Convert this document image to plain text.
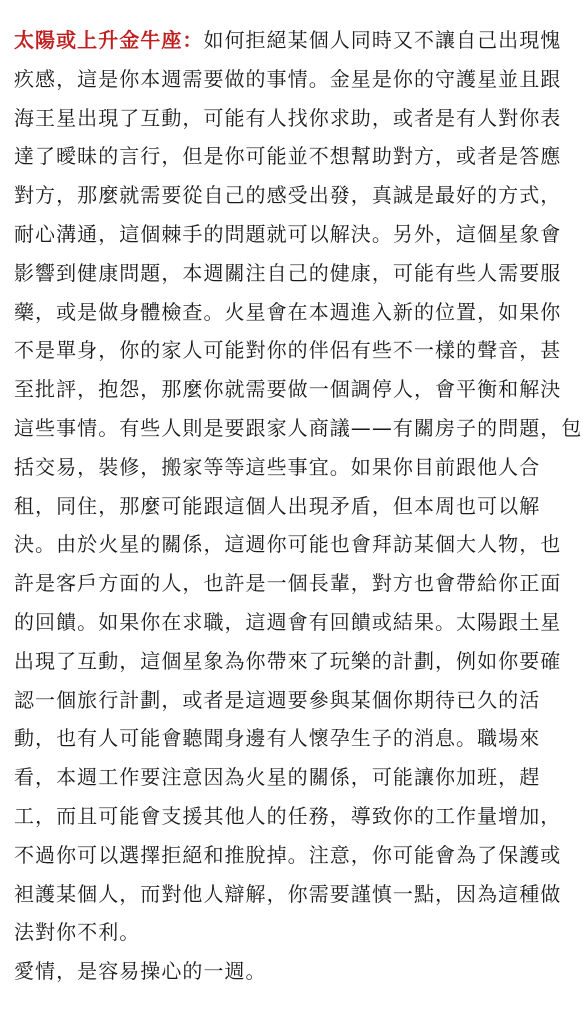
太陽或上升金牛座：如何拒絕某個人同時又不讓自己出現愧
疚感，這是你本週需要做的事情。金星是你的守護星並且跟
海王星出現了互動，可能有人找你求助，或者是有人對你表
達了曖昧的言行，但是你可能並不想幫助對方，或者是答應
對方，那麼就需要從自己的感受出發，真誠是最好的方式，
耐心溝通，這個棘手的問題就可以解決。另外，這個星象會
影響到健康問題，本週關注自己的健康，可能有些人需要服
藥，或是做身體檢查。火星會在本週進入新的位置，如果你
不是單身，你的家人可能對你的伴侶有些不一樣的聲音，甚
至批評，抱怨，那麼你就需要做一個調停人，會平衡和解決
這些事情。有些人則是要跟家人商議——有關房子的問題，包
括交易，裝修，搬家等等這些事宜。如果你目前跟他人合
租，同住，那麼可能跟這個人出現矛盾，但本周也可以解
決。由於火星的關係，這週你可能也會拜訪某個大人物，也
許是客戶方面的人，也許是一個長輩，對方也會帶給你正面
的回饋。如果你在求職，這週會有回饋或結果。太陽跟土星
出現了互動，這個星象為你帶來了玩樂的計劃，例如你要確
認一個旅行計劃，或者是這週要參與某個你期待已久的活
動，也有人可能會聽聞身邊有人懷孕生子的消息。職場來
看，本週工作要注意因為火星的關係，可能讓你加班，趕
工，而且可能會支援其他人的任務，導致你的工作量增加，
不過你可以選擇拒絕和推脫掉。注意，你可能會為了保護或
袒護某個人，而對他人辯解，你需要謹慎一點，因為這種做
法對你不利。
愛情，是容易操心的一週。
